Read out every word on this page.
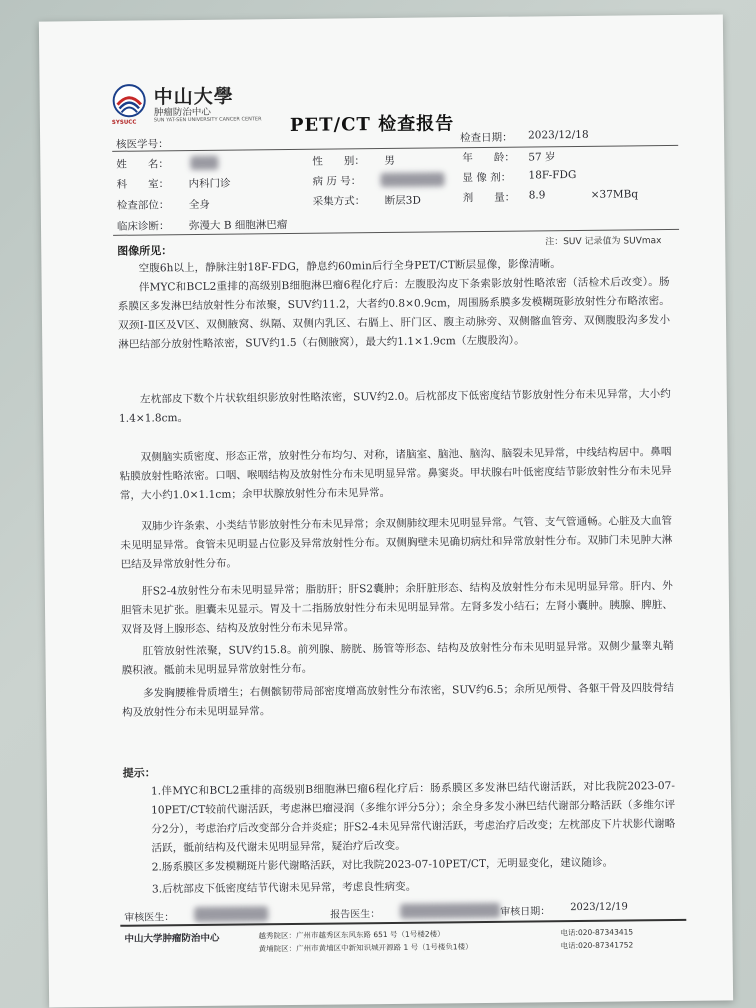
SYSUCC
中山大學
肿瘤防治中心
SUN YAT-SEN UNIVERSITY CANCER CENTER PET/CT 检查报告
核医学号：
检查日期： 2023/12/18
姓　　名：	性　　别： 男	年　　龄： 57 岁
科　　室： 内科门诊	病 历 号：	显 像 剂： 18F-FDG
检查部位： 全身	采集方式： 断层3D	剂　　量： 8.9	×37MBq
临床诊断： 弥漫大 B 细胞淋巴瘤
注：SUV 记录值为 SUVmax
图像所见：
空腹6h以上，静脉注射18F-FDG，静息约60min后行全身PET/CT断层显像，影像清晰。
伴MYC和BCL2重排的高级别B细胞淋巴瘤6程化疗后：左腹股沟皮下条索影放射性略浓密（活检术后改变）。肠系膜区多发淋巴结放射性分布浓聚，SUV约11.2，大者约0.8×0.9cm，周围肠系膜多发模糊斑影放射性分布略浓密。双颈Ⅰ-Ⅱ区及Ⅴ区、双侧腋窝、纵隔、双侧内乳区、右膈上、肝门区、腹主动脉旁、双侧髂血管旁、双侧腹股沟多发小淋巴结部分放射性略浓密，SUV约1.5（右侧腋窝），最大约1.1×1.9cm（左腹股沟）。
左枕部皮下数个片状软组织影放射性略浓密，SUV约2.0。后枕部皮下低密度结节影放射性分布未见异常，大小约1.4×1.8cm。
双侧脑实质密度、形态正常，放射性分布均匀、对称，诸脑室、脑池、脑沟、脑裂未见异常，中线结构居中。鼻咽粘膜放射性略浓密。口咽、喉咽结构及放射性分布未见明显异常。鼻窦炎。甲状腺右叶低密度结节影放射性分布未见异常，大小约1.0×1.1cm；余甲状腺放射性分布未见异常。
双肺少许条索、小类结节影放射性分布未见异常；余双侧肺纹理未见明显异常。气管、支气管通畅。心脏及大血管未见明显异常。食管未见明显占位影及异常放射性分布。双侧胸壁未见确切病灶和异常放射性分布。双肺门未见肿大淋巴结及异常放射性分布。
肝S2-4放射性分布未见明显异常；脂肪肝；肝S2囊肿；余肝脏形态、结构及放射性分布未见明显异常。肝内、外胆管未见扩张。胆囊未见显示。胃及十二指肠放射性分布未见明显异常。左肾多发小结石；左肾小囊肿。胰腺、脾脏、双肾及肾上腺形态、结构及放射性分布未见异常。
肛管放射性浓聚，SUV约15.8。前列腺、膀胱、肠管等形态、结构及放射性分布未见明显异常。双侧少量睾丸鞘膜积液。骶前未见明显异常放射性分布。
多发胸腰椎骨质增生；右侧髌韧带局部密度增高放射性分布浓密，SUV约6.5；余所见颅骨、各躯干骨及四肢骨结构及放射性分布未见明显异常。
提示：
1.伴MYC和BCL2重排的高级别B细胞淋巴瘤6程化疗后：肠系膜区多发淋巴结代谢活跃，对比我院2023-07-10PET/CT较前代谢活跃，考虑淋巴瘤浸润（多维尔评分5分）；余全身多发小淋巴结代谢部分略活跃（多维尔评分2分），考虑治疗后改变部分合并炎症；肝S2-4未见异常代谢活跃，考虑治疗后改变；左枕部皮下片状影代谢略活跃，骶前结构及代谢未见明显异常，疑治疗后改变。
2.肠系膜区多发模糊斑片影代谢略活跃，对比我院2023-07-10PET/CT，无明显变化，建议随诊。
3.后枕部皮下低密度结节代谢未见异常，考虑良性病变。
审核医生：	报告医生：	审核日期： 2023/12/19
中山大学肿瘤防治中心	越秀院区：广州市越秀区东风东路 651 号（1号楼2楼）
黄埔院区：广州市黄埔区中新知识城开源路 1 号（1号楼负1楼）
电话:020-87343415
电话:020-87341752
